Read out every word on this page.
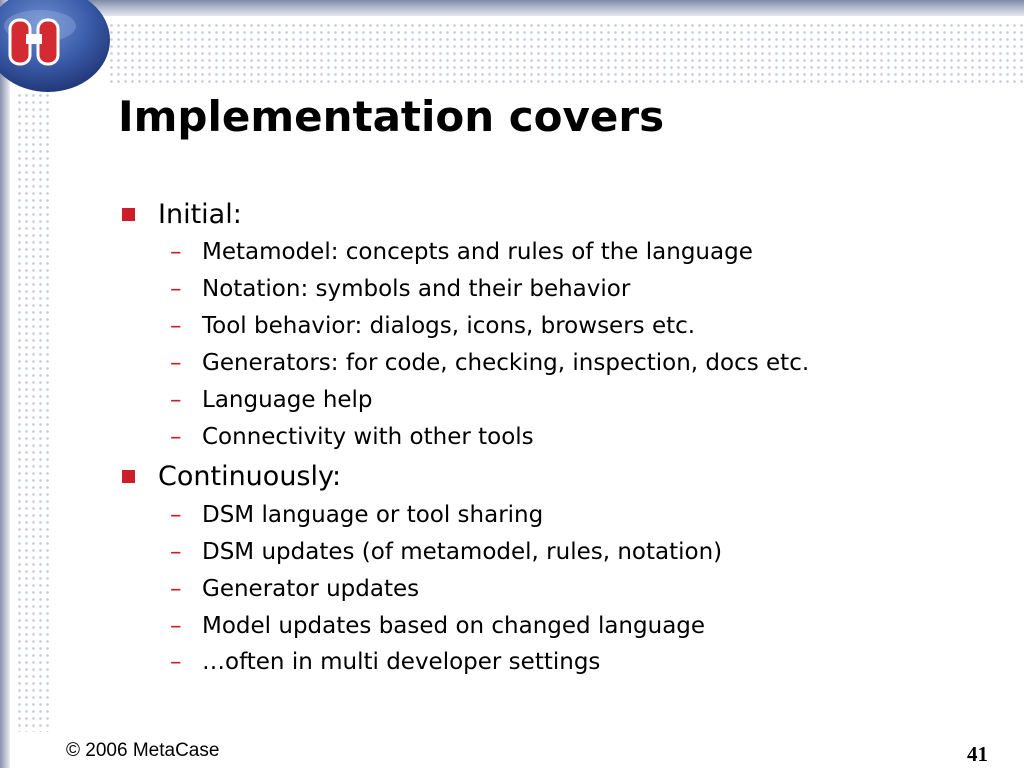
Implementation covers
Initial:
– Metamodel: concepts and rules of the language
– Notation: symbols and their behavior
– Tool behavior: dialogs, icons, browsers etc.
– Generators: for code, checking, inspection, docs etc.
– Language help
– Connectivity with other tools
Continuously:
– DSM language or tool sharing
– DSM updates (of metamodel, rules, notation)
– Generator updates
– Model updates based on changed language
– …often in multi developer settings
© 2006 MetaCase	41
